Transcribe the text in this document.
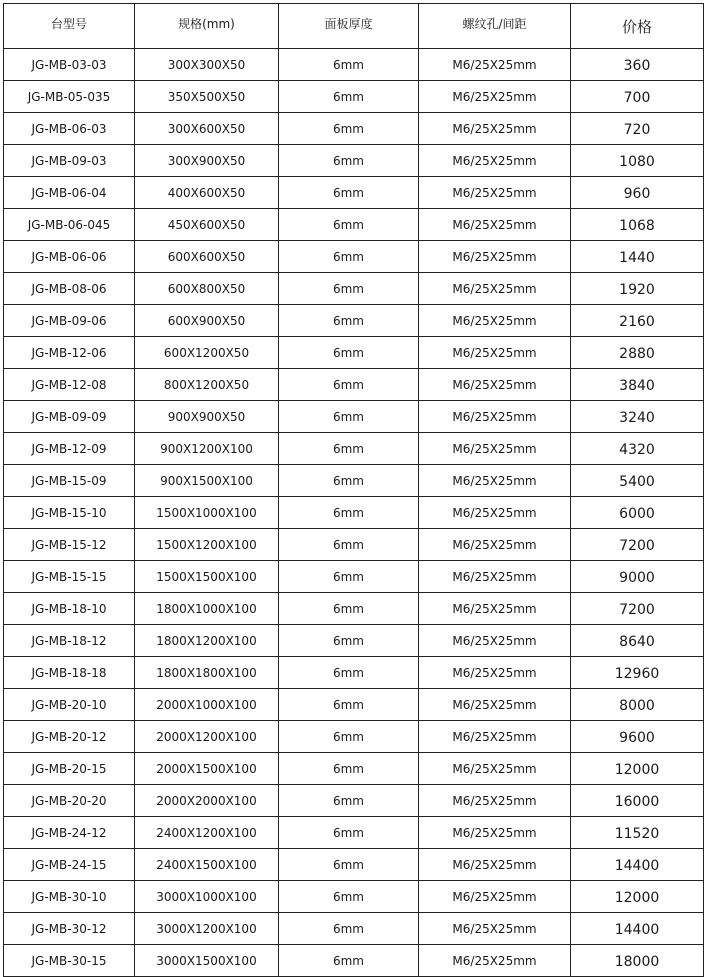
台型号	规格(mm)	面板厚度	螺纹孔/间距	价格
JG-MB-03-03	300X300X50	6mm	M6/25X25mm	360
JG-MB-05-035	350X500X50	6mm	M6/25X25mm	700
JG-MB-06-03	300X600X50	6mm	M6/25X25mm	720
JG-MB-09-03	300X900X50	6mm	M6/25X25mm	1080
JG-MB-06-04	400X600X50	6mm	M6/25X25mm	960
JG-MB-06-045	450X600X50	6mm	M6/25X25mm	1068
JG-MB-06-06	600X600X50	6mm	M6/25X25mm	1440
JG-MB-08-06	600X800X50	6mm	M6/25X25mm	1920
JG-MB-09-06	600X900X50	6mm	M6/25X25mm	2160
JG-MB-12-06	600X1200X50	6mm	M6/25X25mm	2880
JG-MB-12-08	800X1200X50	6mm	M6/25X25mm	3840
JG-MB-09-09	900X900X50	6mm	M6/25X25mm	3240
JG-MB-12-09	900X1200X100	6mm	M6/25X25mm	4320
JG-MB-15-09	900X1500X100	6mm	M6/25X25mm	5400
JG-MB-15-10	1500X1000X100	6mm	M6/25X25mm	6000
JG-MB-15-12	1500X1200X100	6mm	M6/25X25mm	7200
JG-MB-15-15	1500X1500X100	6mm	M6/25X25mm	9000
JG-MB-18-10	1800X1000X100	6mm	M6/25X25mm	7200
JG-MB-18-12	1800X1200X100	6mm	M6/25X25mm	8640
JG-MB-18-18	1800X1800X100	6mm	M6/25X25mm	12960
JG-MB-20-10	2000X1000X100	6mm	M6/25X25mm	8000
JG-MB-20-12	2000X1200X100	6mm	M6/25X25mm	9600
JG-MB-20-15	2000X1500X100	6mm	M6/25X25mm	12000
JG-MB-20-20	2000X2000X100	6mm	M6/25X25mm	16000
JG-MB-24-12	2400X1200X100	6mm	M6/25X25mm	11520
JG-MB-24-15	2400X1500X100	6mm	M6/25X25mm	14400
JG-MB-30-10	3000X1000X100	6mm	M6/25X25mm	12000
JG-MB-30-12	3000X1200X100	6mm	M6/25X25mm	14400
JG-MB-30-15	3000X1500X100	6mm	M6/25X25mm	18000
